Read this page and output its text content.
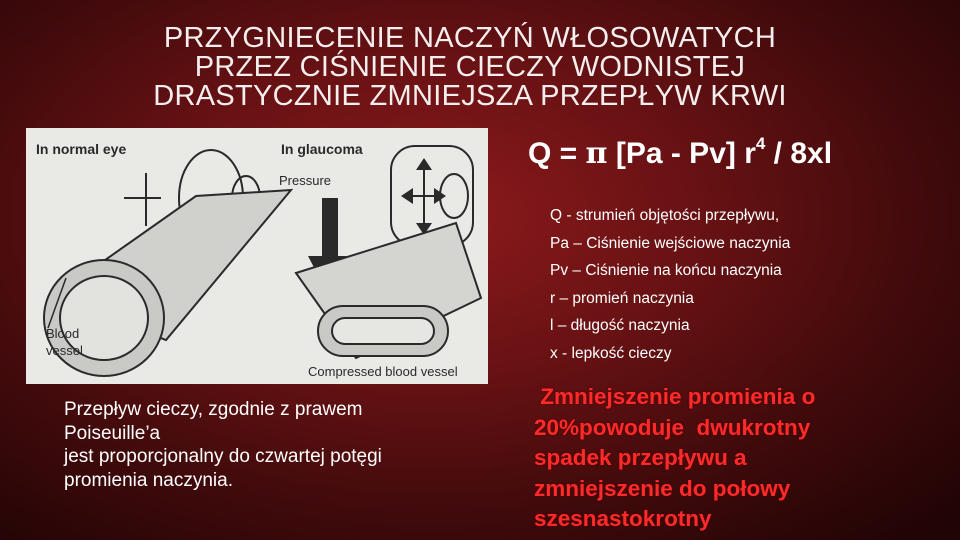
PRZYGNIECENIE NACZYŃ WŁOSOWATYCH
PRZEZ CIŚNIENIE CIECZY WODNISTEJ
DRASTYCZNIE ZMNIEJSZA PRZEPŁYW KRWI
In normal eye	In glaucoma
Pressure
Blood
vessel
Compressed blood vessel
Q = π [Pa - Pv] $r^4 / 8xl$
Q - strumień objętości przepływu,
Pa – Ciśnienie wejściowe naczynia
Pv – Ciśnienie na końcu naczynia
r – promień naczynia
l – długość naczynia
x - lepkość cieczy
Przepływ cieczy, zgodnie z prawem
Poiseuille’a
jest proporcjonalny do czwartej potęgi
promienia naczynia.
Zmniejszenie promienia o
20%powoduje  dwukrotny
spadek przepływu a
zmniejszenie do połowy
szesnastokrotny
